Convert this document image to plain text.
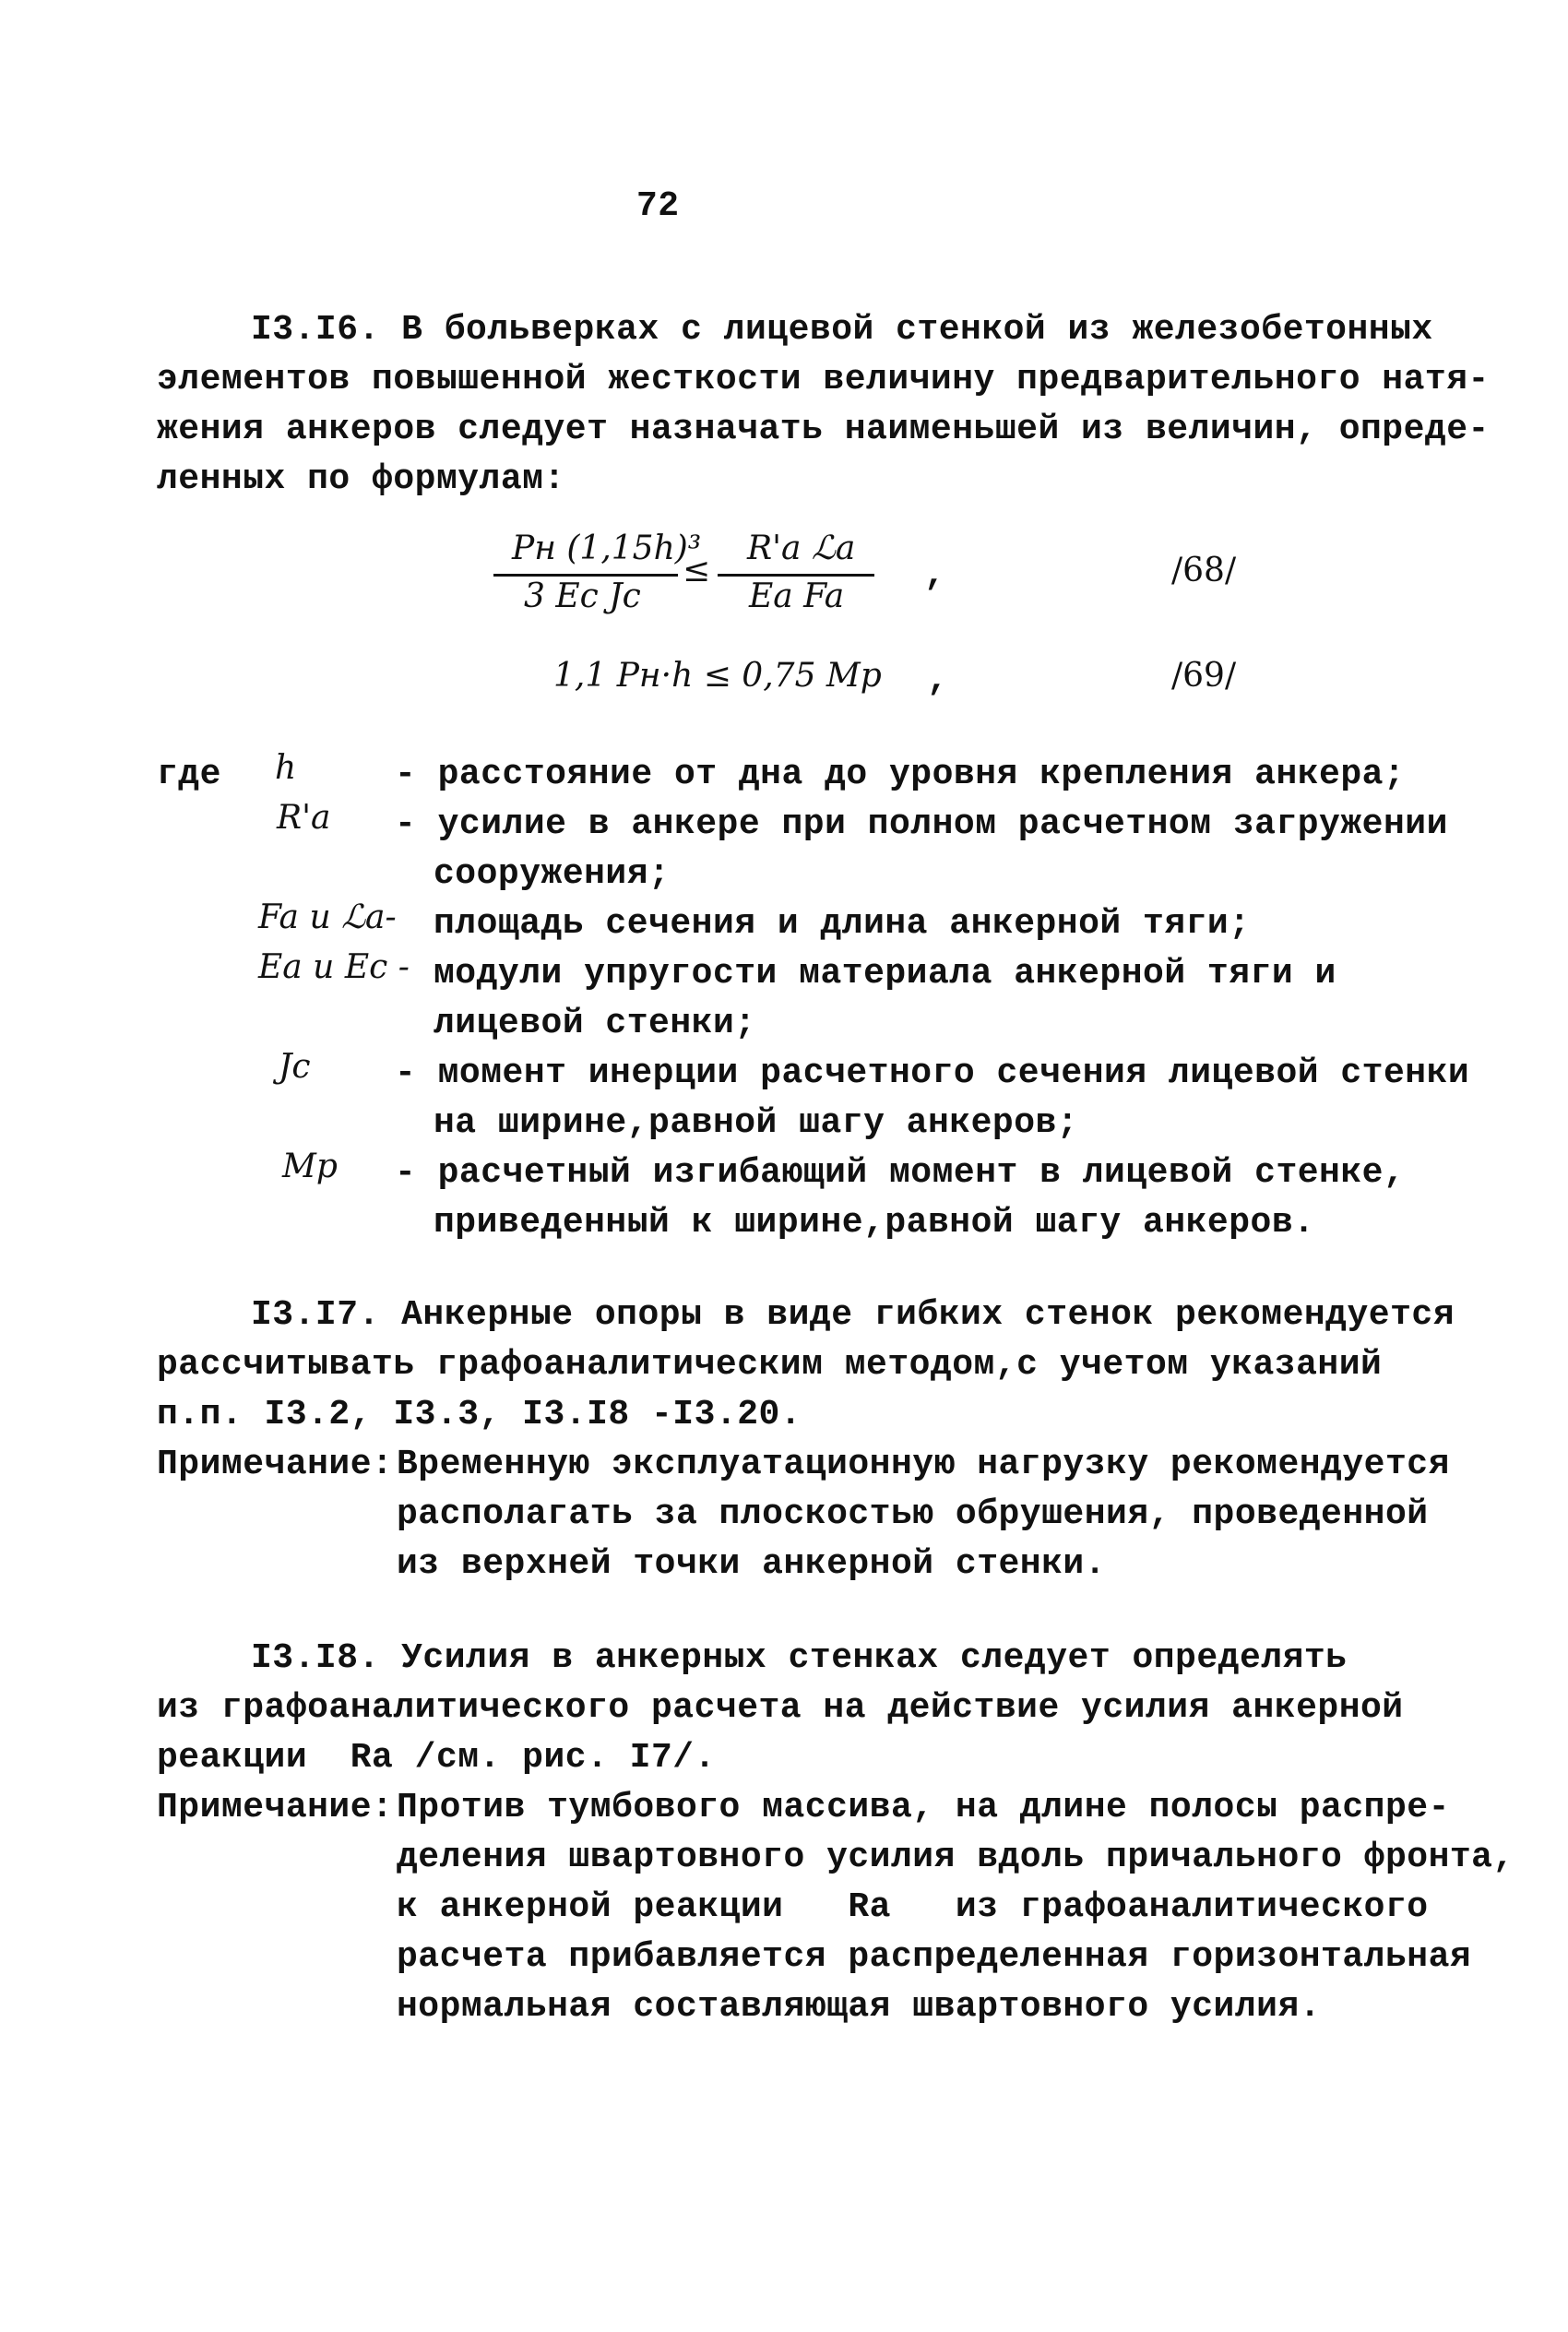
72
I3.I6. В больверках с лицевой стенкой из железобетонных
элементов повышенной жесткости величину предварительного натя-
жения анкеров следует назначать наименьшей из величин, опреде-
ленных по формулам:
Pн (1,15h)³
3 Eс Jс
≤
R'a ℒa
Ea Fa
,	/68/
1,1 Pн·h ≤ 0,75 Mр ,	/69/
где h	- расстояние от дна до уровня крепления анкера;
R'a - усилие в анкере при полном расчетном загружении
сооружения;
Fa и ℒa- площадь сечения и длина анкерной тяги;
Ea и Eс - модули упругости материала анкерной тяги и
лицевой стенки;
Jс - момент инерции расчетного сечения лицевой стенки
на ширине,равной шагу анкеров;
Mр - расчетный изгибающий момент в лицевой стенке,
приведенный к ширине,равной шагу анкеров.
I3.I7. Анкерные опоры в виде гибких стенок рекомендуется
рассчитывать графоаналитическим методом,с учетом указаний
п.п. I3.2, I3.3, I3.I8 -I3.20.
Примечание: Временную эксплуатационную нагрузку рекомендуется
располагать за плоскостью обрушения, проведенной
из верхней точки анкерной стенки.
I3.I8. Усилия в анкерных стенках следует определять
из графоаналитического расчета на действие усилия анкерной
реакции  Ra /см. рис. I7/.
Примечание: Против тумбового массива, на длине полосы распре-
деления швартовного усилия вдоль причального фронта,
к анкерной реакции   Ra   из графоаналитического
расчета прибавляется распределенная горизонтальная
нормальная составляющая швартовного усилия.
